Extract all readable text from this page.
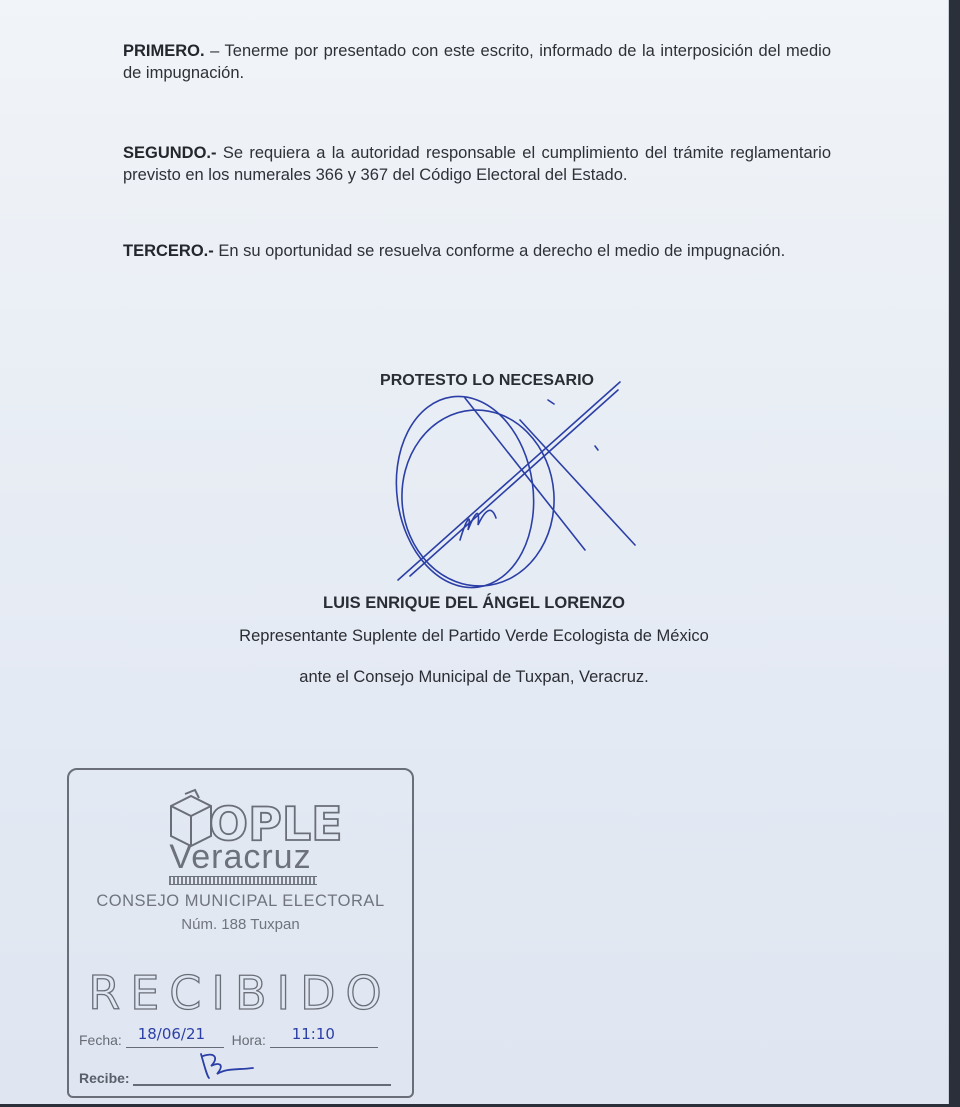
PRIMERO. – Tenerme por presentado con este escrito, informado de la interposición del medio de impugnación.

SEGUNDO.- Se requiera a la autoridad responsable el cumplimiento del trámite reglamentario previsto en los numerales 366 y 367 del Código Electoral del Estado.

TERCERO.- En su oportunidad se resuelva conforme a derecho el medio de impugnación.

PROTESTO LO NECESARIO
LUIS ENRIQUE DEL ÁNGEL LORENZO
Representante Suplente del Partido Verde Ecologista de México
ante el Consejo Municipal de Tuxpan, Veracruz.
OPLE
Veracruz
CONSEJO MUNICIPAL ELECTORAL
Núm. 188 Tuxpan
RECIBIDO
Fecha: 18/06/21 Hora: 11:10
Recibe:
